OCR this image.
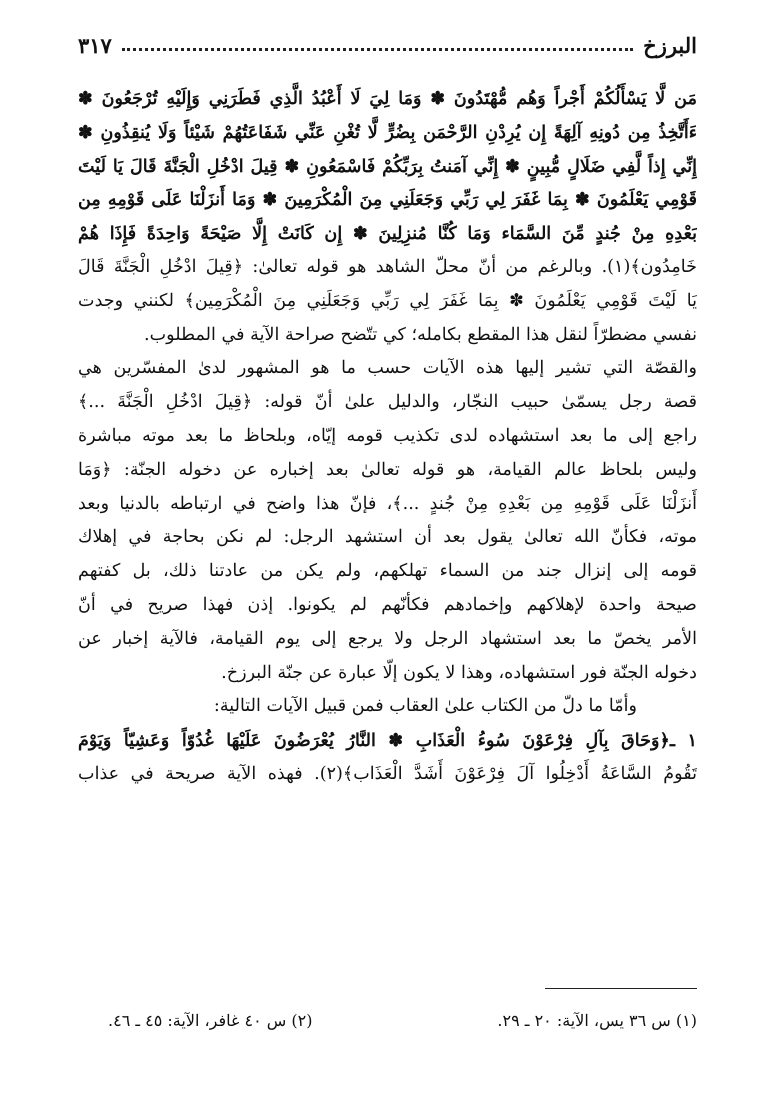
البرزخ
٣١٧
مَن لَّا يَسْأَلُكُمْ أَجْراً وَهُم مُّهْتَدُونَ ✽ وَمَا لِيَ لَا أَعْبُدُ الَّذِي فَطَرَنِي وَإِلَيْهِ تُرْجَعُونَ ✽
ءَأَتَّخِذُ مِن دُونِهِ آلِهَةً إِن يُرِدْنِ الرَّحْمَن بِضُرٍّ لَّا تُغْنِ عَنِّي شَفَاعَتُهُمْ شَيْئاً وَلَا يُنقِذُونِ ✽
إِنِّي إِذاً لَّفِي ضَلَالٍ مُّبِينٍ ✽ إِنِّي آمَنتُ بِرَبِّكُمْ فَاسْمَعُونِ ✽ قِيلَ ادْخُلِ الْجَنَّةَ قَالَ يَا لَيْتَ
قَوْمِي يَعْلَمُونَ ✽ بِمَا غَفَرَ لِي رَبِّي وَجَعَلَنِي مِنَ الْمُكْرَمِينَ ✽ وَمَا أَنزَلْنَا عَلَى قَوْمِهِ مِن
بَعْدِهِ مِنْ جُندٍ مِّنَ السَّمَاء وَمَا كُنَّا مُنزِلِينَ ✽ إِن كَانَتْ إِلَّا صَيْحَةً وَاحِدَةً فَإِذَا هُمْ
خَامِدُون﴾(١). وبالرغم من أنّ محلّ الشاهد هو قوله تعالىٰ: ﴿قِيلَ ادْخُلِ الْجَنَّةَ قَالَ
يَا لَيْتَ قَوْمِي يَعْلَمُونَ ✽ بِمَا غَفَرَ لِي رَبِّي وَجَعَلَنِي مِنَ الْمُكْرَمِين﴾ لكنني وجدت
نفسي مضطرّاً لنقل هذا المقطع بكامله؛ كي تتّضح صراحة الآية في المطلوب.
والقصّة التي تشير إليها هذه الآيات حسب ما هو المشهور لدىٰ المفسّرين هي
قصة رجل يسمّىٰ حبيب النجّار، والدليل علىٰ أنّ قوله: ﴿قِيلَ ادْخُلِ الْجَنَّةَ ...﴾
راجع إلى ما بعد استشهاده لدى تكذيب قومه إيّاه، وبلحاظ ما بعد موته مباشرة
وليس بلحاظ عالم القيامة، هو قوله تعالىٰ بعد إخباره عن دخوله الجنّة: ﴿وَمَا
أَنزَلْنَا عَلَى قَوْمِهِ مِن بَعْدِهِ مِنْ جُندٍ ...﴾، فإنّ هذا واضح في ارتباطه بالدنيا وبعد
موته، فكأنّ الله تعالىٰ يقول بعد أن استشهد الرجل: لم نكن بحاجة في إهلاك
قومه إلى إنزال جند من السماء تهلكهم، ولم يكن من عادتنا ذلك، بل كفتهم
صيحة واحدة لإهلاكهم وإخمادهم فكأنّهم لم يكونوا. إذن فهذا صريح في أنّ
الأمر يخصّ ما بعد استشهاد الرجل ولا يرجع إلى يوم القيامة، فالآية إخبار عن
دخوله الجنّة فور استشهاده، وهذا لا يكون إلّا عبارة عن جنّة البرزخ.
وأمّا ما دلّ من الكتاب علىٰ العقاب فمن قبيل الآيات التالية:
١ ـ﴿وَحَاقَ بِآلِ فِرْعَوْنَ سُوءُ الْعَذَابِ ✽ النَّارُ يُعْرَضُونَ عَلَيْهَا غُدُوّاً وَعَشِيّاً وَيَوْمَ
تَقُومُ السَّاعَةُ أَدْخِلُوا آلَ فِرْعَوْنَ أَشَدَّ الْعَذَاب﴾(٢). فهذه الآية صريحة في عذاب
(١) س ٣٦ يس، الآية: ٢٠ ـ ٢٩.
(٢) س ٤٠ غافر، الآية: ٤٥ ـ ٤٦.
